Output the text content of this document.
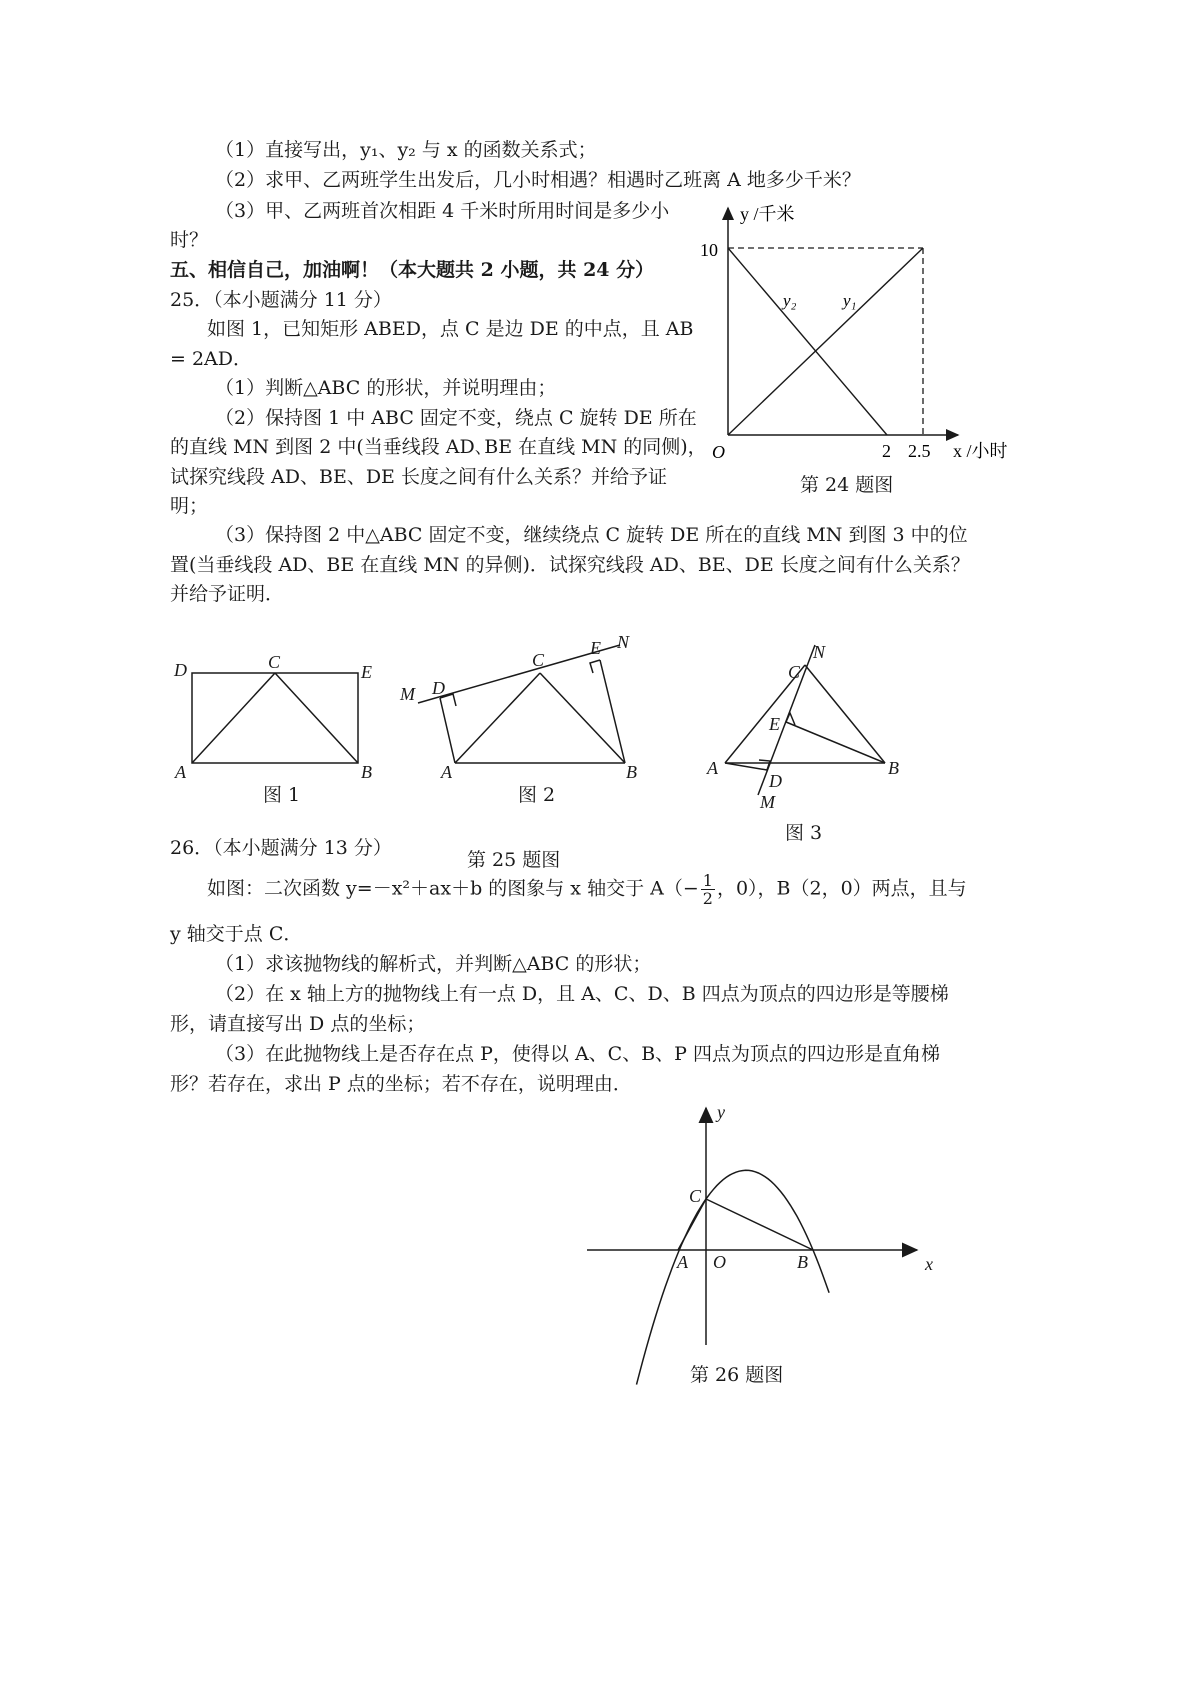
（1）直接写出，y₁、y₂ 与 x 的函数关系式；
（2）求甲、乙两班学生出发后，几小时相遇？相遇时乙班离 A 地多少千米？
（3）甲、乙两班首次相距 4 千米时所用时间是多少小
时？
五、相信自己，加油啊！（本大题共 2 小题，共 24 分）
25．（本小题满分 11 分）
如图 1，已知矩形 ABED，点 C 是边 DE 的中点，且 AB
= 2AD．
（1）判断△ABC 的形状，并说明理由；
（2）保持图 1 中 ABC 固定不变，绕点 C 旋转 DE 所在
的直线 MN 到图 2 中(当垂线段 AD､BE 在直线 MN 的同侧)，
试探究线段 AD、BE、DE 长度之间有什么关系？并给予证
明；
（3）保持图 2 中△ABC 固定不变，继续绕点 C 旋转 DE 所在的直线 MN 到图 3 中的位
置(当垂线段 AD、BE 在直线 MN 的异侧)．试探究线段 AD、BE、DE 长度之间有什么关系？
并给予证明．
y /千米
10
O	2 2.5 x /小时
y₂	y₁
第 24 题图
D	C	E
A	B
M D
C
E N
A	B
C
N
E
A	B
D
M
图 1	图 2
图 3
26．（本小题满分 13 分）
第 25 题图
如图：二次函数 y=－x²＋ax＋b 的图象与 x 轴交于 $A(- \frac{1}{2}$ ，0），B（2，0）两点，且与
y 轴交于点 C．
（1）求该抛物线的解析式，并判断△ABC 的形状；
（2）在 x 轴上方的抛物线上有一点 D，且 A、C、D、B 四点为顶点的四边形是等腰梯
形，请直接写出 D 点的坐标；
（3）在此抛物线上是否存在点 P，使得以 A、C、B、P 四点为顶点的四边形是直角梯
形？若存在，求出 P 点的坐标；若不存在，说明理由．
y
x
C
A O	B
第 26 题图
